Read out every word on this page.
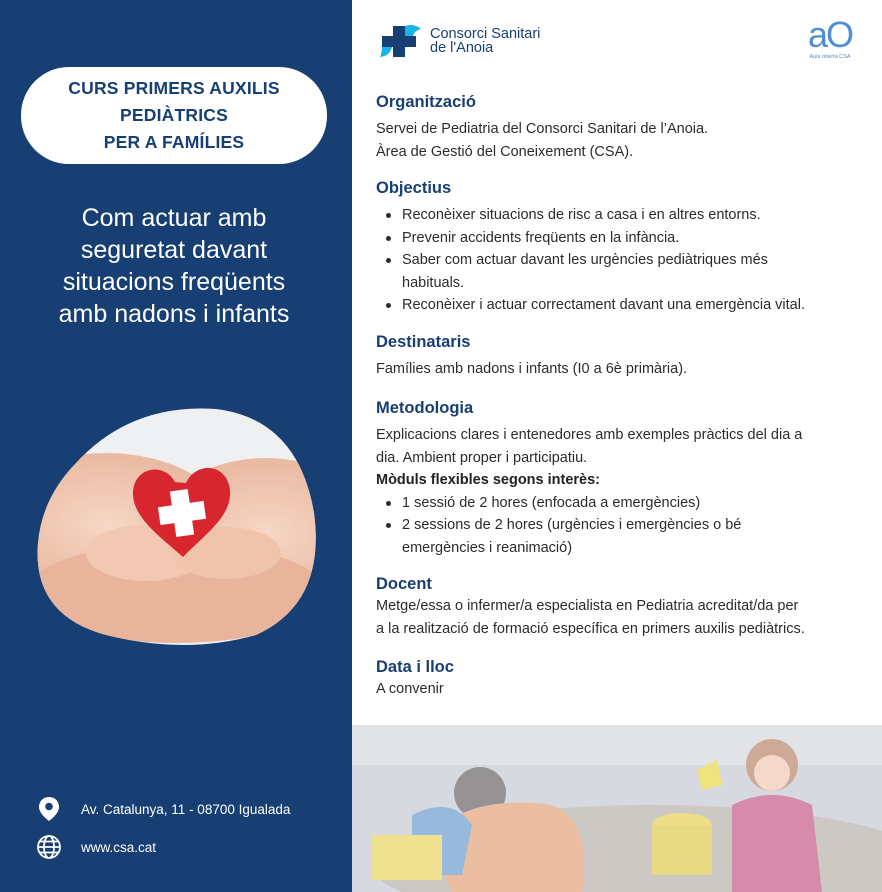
CURS PRIMERS AUXILIS
PEDIÀTRICS
PER A FAMÍLIES
Com actuar amb
seguretat davant
situacions freqüents
amb nadons i infants
Av. Catalunya, 11 - 08700 Igualada
www.csa.cat
Consorci Sanitari
de l'Anoia	aO
Aula oberta CSA
Organització
Servei de Pediatria del Consorci Sanitari de l’Anoia.
Àrea de Gestió del Coneixement (CSA).
Objectius
Reconèixer situacions de risc a casa i en altres entorns.
Prevenir accidents freqüents en la infància.
Saber com actuar davant les urgències pediàtriques més habituals.
Reconèixer i actuar correctament davant una emergència vital.
Destinataris
Famílies amb nadons i infants (I0 a 6è primària).
Metodologia
Explicacions clares i entenedores amb exemples pràctics del dia a
dia. Ambient proper i participatiu.
Mòduls flexibles segons interès:
1 sessió de 2 hores (enfocada a emergències)
2 sessions de 2 hores (urgències i emergències o bé emergències i reanimació)
Docent
Metge/essa o infermer/a especialista en Pediatria acreditat/da per
a la realització de formació específica en primers auxilis pediàtrics.
Data i lloc
A convenir
